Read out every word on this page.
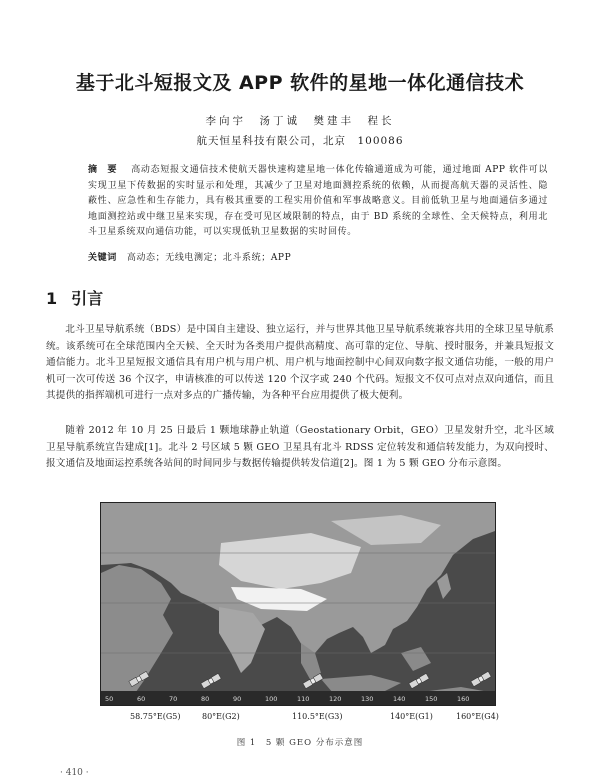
基于北斗短报文及 APP 软件的星地一体化通信技术
李向宇　汤丁诚　樊建丰　程长
航天恒星科技有限公司，北京　100086
摘　要 高动态短报文通信技术使航天器快速构建星地一体化传输通道成为可能，通过地面 APP 软件可以实现卫星下传数据的实时显示和处理，其减少了卫星对地面测控系统的依赖，从而提高航天器的灵活性、隐蔽性、应急性和生存能力，具有极其重要的工程实用价值和军事战略意义。目前低轨卫星与地面通信多通过地面测控站或中继卫星来实现，存在受可见区域限制的特点，由于 BD 系统的全球性、全天候特点，利用北斗卫星系统双向通信功能，可以实现低轨卫星数据的实时回传。
关键词 高动态；无线电测定；北斗系统；APP
1 引言
北斗卫星导航系统（BDS）是中国自主建设、独立运行，并与世界其他卫星导航系统兼容共用的全球卫星导航系统。该系统可在全球范围内全天候、全天时为各类用户提供高精度、高可靠的定位、导航、授时服务，并兼具短报文通信能力。北斗卫星短报文通信具有用户机与用户机、用户机与地面控制中心间双向数字报文通信功能，一般的用户机可一次可传送 36 个汉字，申请核准的可以传送 120 个汉字或 240 个代码。短报文不仅可点对点双向通信，而且其提供的指挥端机可进行一点对多点的广播传输，为各种平台应用提供了极大便利。
随着 2012 年 10 月 25 日最后 1 颗地球静止轨道（Geostationary Orbit，GEO）卫星发射升空，北斗区域卫星导航系统宣告建成[1]。北斗 2 号区域 5 颗 GEO 卫星具有北斗 RDSS 定位转发和通信转发能力，为双向授时、报文通信及地面运控系统各站间的时间同步与数据传输提供转发信道[2]。图 1 为 5 颗 GEO 分布示意图。
50	60	70	80	90	100	110	120	130	140	150	160
58.75°E(G5)	80°E(G2)	110.5°E(G3)	140°E(G1)	160°E(G4)
图 1　5 颗 GEO 分布示意图
· 410 ·
